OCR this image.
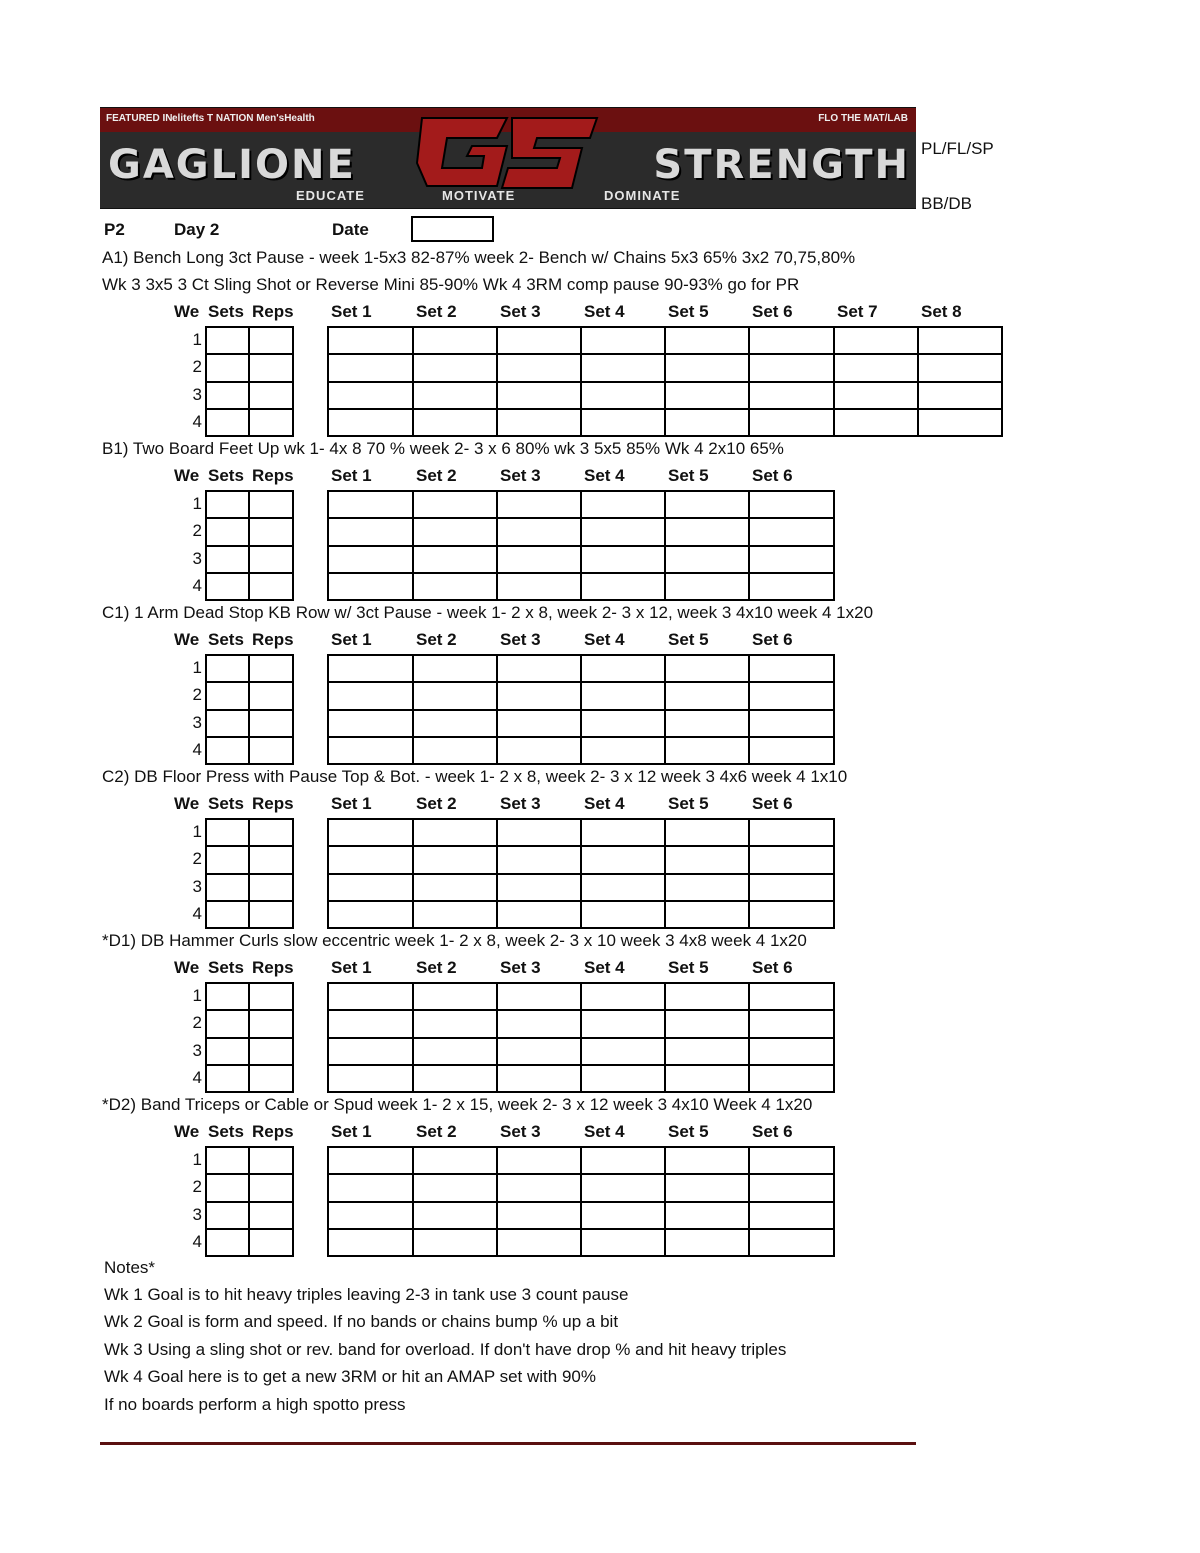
FEATURED IN:
elitefts T NATION Men'sHealth	FLO THE MAT/LAB
GAGLIONE	STRENGTH
EDUCATE	MOTIVATE	DOMINATE
PL/FL/SP
BB/DB
P2	Day 2	Date
A1) Bench Long 3ct Pause - week 1-5x3 82-87% week 2- Bench w/ Chains 5x3 65% 3x2 70,75,80%
Wk 3 3x5 3 Ct Sling Shot or Reverse Mini 85-90% Wk 4 3RM comp pause 90-93% go for PR
We Sets Reps Set 1	Set 2	Set 3	Set 4	Set 5	Set 6	Set 7	Set 8
1
2
3
4
B1) Two Board Feet Up wk 1- 4x 8 70 % week 2- 3 x 6 80% wk 3 5x5 85% Wk 4 2x10 65%
We Sets Reps Set 1	Set 2	Set 3	Set 4	Set 5	Set 6
1
2
3
4
C1) 1 Arm Dead Stop KB Row w/ 3ct Pause - week 1- 2 x 8, week 2- 3 x 12, week 3 4x10 week 4 1x20
We Sets Reps Set 1	Set 2	Set 3	Set 4	Set 5	Set 6
1
2
3
4
C2) DB Floor Press with Pause Top & Bot. - week 1- 2 x 8, week 2- 3 x 12 week 3 4x6 week 4 1x10
We Sets Reps Set 1	Set 2	Set 3	Set 4	Set 5	Set 6
1
2
3
4
*D1) DB Hammer Curls slow eccentric week 1- 2 x 8, week 2- 3 x 10 week 3 4x8 week 4 1x20
We Sets Reps Set 1	Set 2	Set 3	Set 4	Set 5	Set 6
1
2
3
4
*D2) Band Triceps or Cable or Spud week 1- 2 x 15, week 2- 3 x 12 week 3 4x10 Week 4 1x20
We Sets Reps Set 1	Set 2	Set 3	Set 4	Set 5	Set 6
1
2
3
4
Notes*
Wk 1 Goal is to hit heavy triples leaving 2-3 in tank use 3 count pause
Wk 2 Goal is form and speed. If no bands or chains bump % up a bit
Wk 3 Using a sling shot or rev. band for overload. If don't have drop % and hit heavy triples
Wk 4 Goal here is to get a new 3RM or hit an AMAP set with 90%
If no boards perform a high spotto press
